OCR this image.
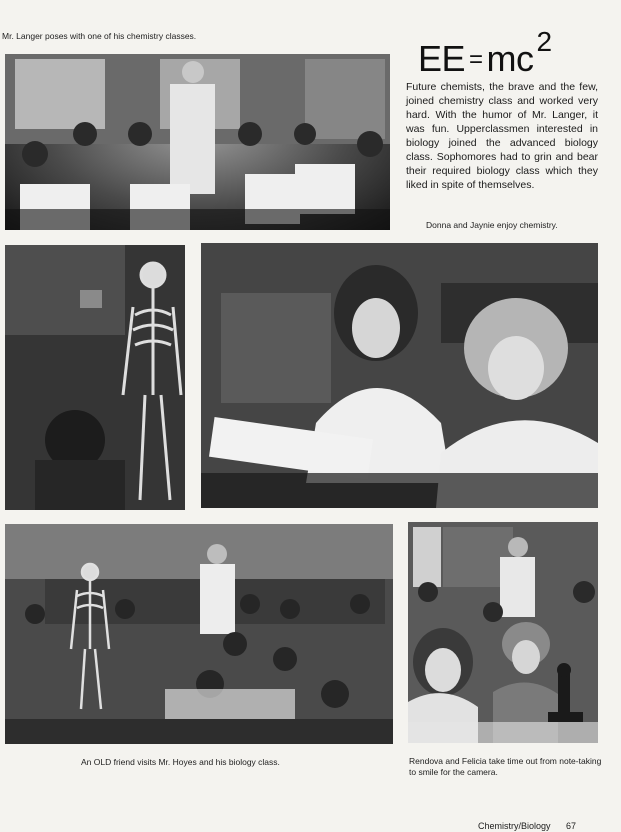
Mr. Langer poses with one of his chemistry classes.
EE = mc $^2$
Future chemists, the brave and the few, joined chemistry class and worked very hard. With the humor of Mr. Langer, it was fun. Upperclassmen interested in biology joined the advanced biology class. Sophomores had to grin and bear their required biology class which they liked in spite of themselves.
Donna and Jaynie enjoy chemistry.
An OLD friend visits Mr. Hoyes and his biology class.	Rendova and Felicia take time out from note-taking to smile for the camera.
Chemistry/Biology 67
